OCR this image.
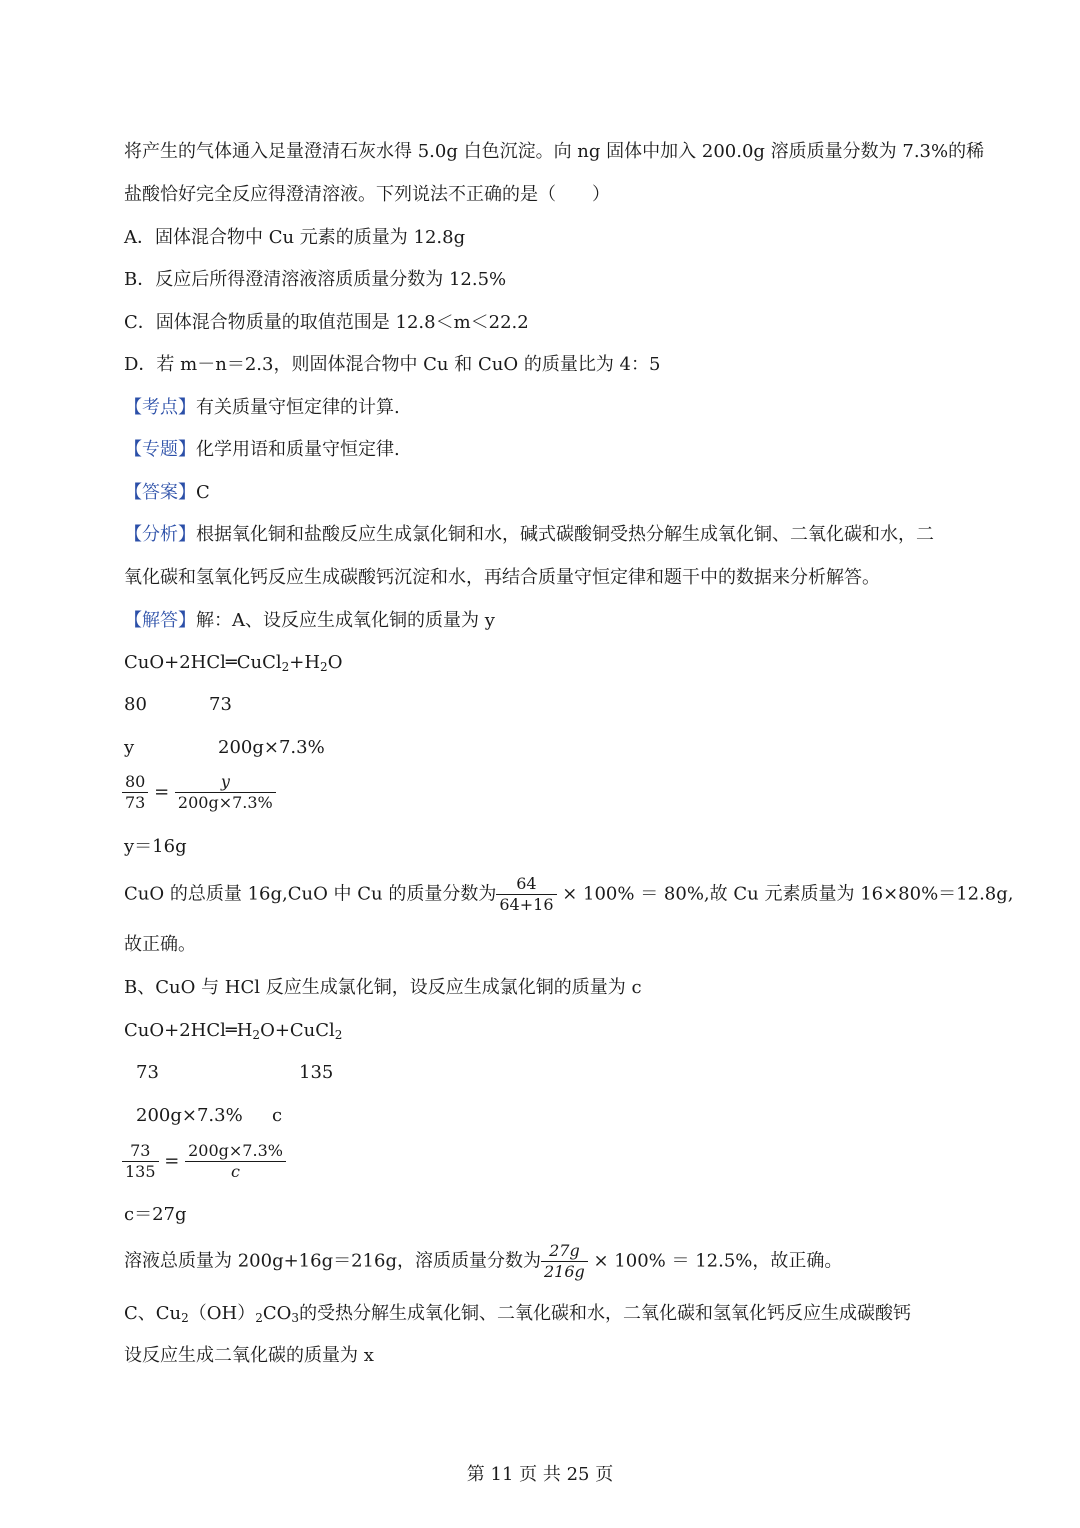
将产生的气体通入足量澄清石灰水得 5.0g 白色沉淀。向 ng 固体中加入 200.0g 溶质质量分数为 7.3%的稀
盐酸恰好完全反应得澄清溶液。下列说法不正确的是（　　）
A．固体混合物中 Cu 元素的质量为 12.8g
B．反应后所得澄清溶液溶质质量分数为 12.5%
C．固体混合物质量的取值范围是 12.8＜m＜22.2
D．若 m－n＝2.3，则固体混合物中 Cu 和 CuO 的质量比为 4：5
【考点】有关质量守恒定律的计算.
【专题】化学用语和质量守恒定律.
【答案】C
【分析】根据氧化铜和盐酸反应生成氯化铜和水，碱式碳酸铜受热分解生成氧化铜、二氧化碳和水，二
氧化碳和氢氧化钙反应生成碳酸钙沉淀和水，再结合质量守恒定律和题干中的数据来分析解答。
【解答】解：A、设反应生成氧化铜的质量为 y
$CuO+2HCl═CuCl_2+H_2O$
80	73
y	200g×7.3%
$\frac{80}{73} = \frac{y}{200g\times 7.3\%}$
y＝16g
CuO 的总质量 16g,CuO 中 Cu 的质量分数为 $\frac{64}{64+16} \times 100\% = 80\%$,故 Cu 元素质量为 16×80%＝12.8g,
故正确。
B、CuO 与 HCl 反应生成氯化铜，设反应生成氯化铜的质量为 c
$CuO+2HCl═H_2O+CuCl_2$
73	135
200g×7.3% c
$\frac{73}{135} = \frac{200g\times 7.3\%}{c}$
c＝27g
溶液总质量为 200g+16g＝216g，溶质质量分数为 $\frac{27g}{216g} \times 100\% = 12.5\%$，故正确。
C、$Cu_2(OH)_2CO_3$的受热分解生成氧化铜、二氧化碳和水，二氧化碳和氢氧化钙反应生成碳酸钙
设反应生成二氧化碳的质量为 x
第 11 页 共 25 页
